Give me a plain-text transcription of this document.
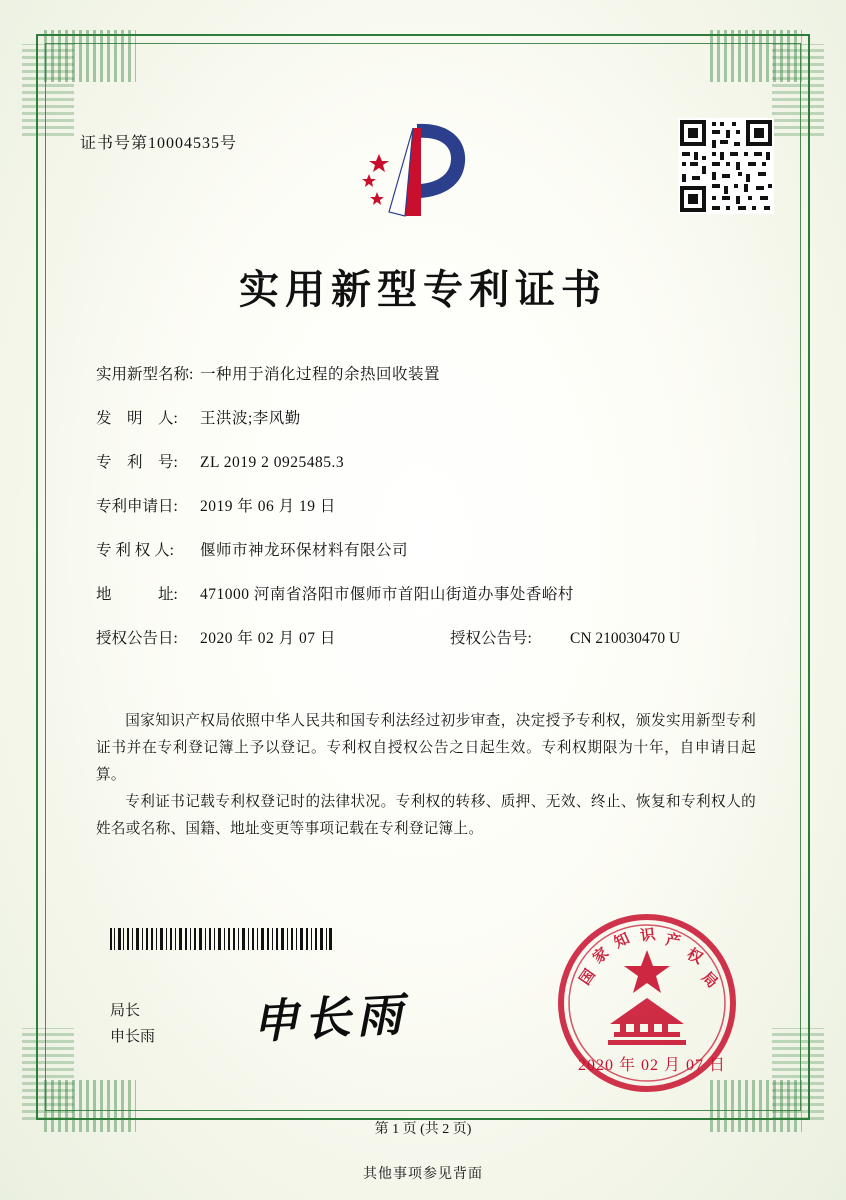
证书号第10004535号
实用新型专利证书
实用新型名称: 一种用于消化过程的余热回收装置
发　明　人:	王洪波;李风勤
专　利　号:	ZL 2019 2 0925485.3
专利申请日:	2019 年 06 月 19 日
专 利 权 人:	偃师市神龙环保材料有限公司
地　　　址:	471000 河南省洛阳市偃师市首阳山街道办事处香峪村
授权公告日:	2020 年 02 月 07 日	授权公告号:	CN 210030470 U

国家知识产权局依照中华人民共和国专利法经过初步审查，决定授予专利权，颁发实用新型专利证书并在专利登记簿上予以登记。专利权自授权公告之日起生效。专利权期限为十年，自申请日起算。

专利证书记载专利权登记时的法律状况。专利权的转移、质押、无效、终止、恢复和专利权人的姓名或名称、国籍、地址变更等事项记载在专利登记簿上。

局长
申长雨 申长雨
国
家
知 识 产
权
局
2020 年 02 月 07 日
第 1 页 (共 2 页)
其他事项参见背面
